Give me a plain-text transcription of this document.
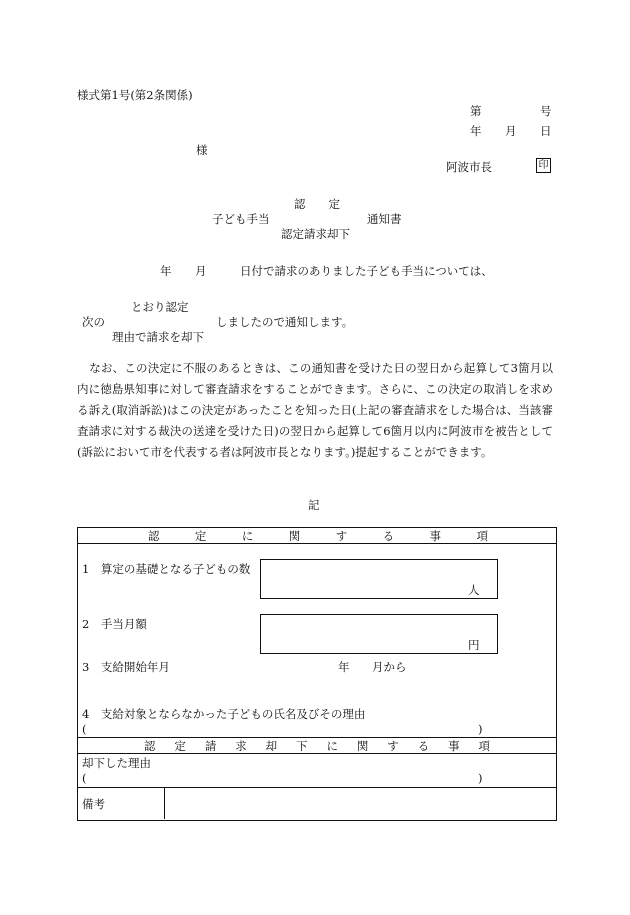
様式第1号(第2条関係)
第	号
年 月 日
様
阿波市長	印
認　　定
子ども手当	通知書
認定請求却下
年 月	日付で請求のありました子ども手当については、
とおり認定
次の	しましたので通知します。
理由で請求を却下
なお、この決定に不服のあるときは、この通知書を受けた日の翌日から起算して3箇月以内に徳島県知事に対して審査請求をすることができます。さらに、この決定の取消しを求める訴え(取消訴訟)はこの決定があったことを知った日(上記の審査請求をした場合は、当該審査請求に対する裁決の送達を受けた日)の翌日から起算して6箇月以内に阿波市を被告として(訴訟において市を代表する者は阿波市長となります。)提起することができます。
記
認	定	に	関	す	る	事	項
1　算定の基礎となる子どもの数
人
2　手当月額
円
3　支給開始年月	年 月から
4　支給対象とならなかった子どもの氏名及びその理由
(	)
認 定 請 求 却 下 に 関 す る 事 項
却下した理由
(	)
備考
